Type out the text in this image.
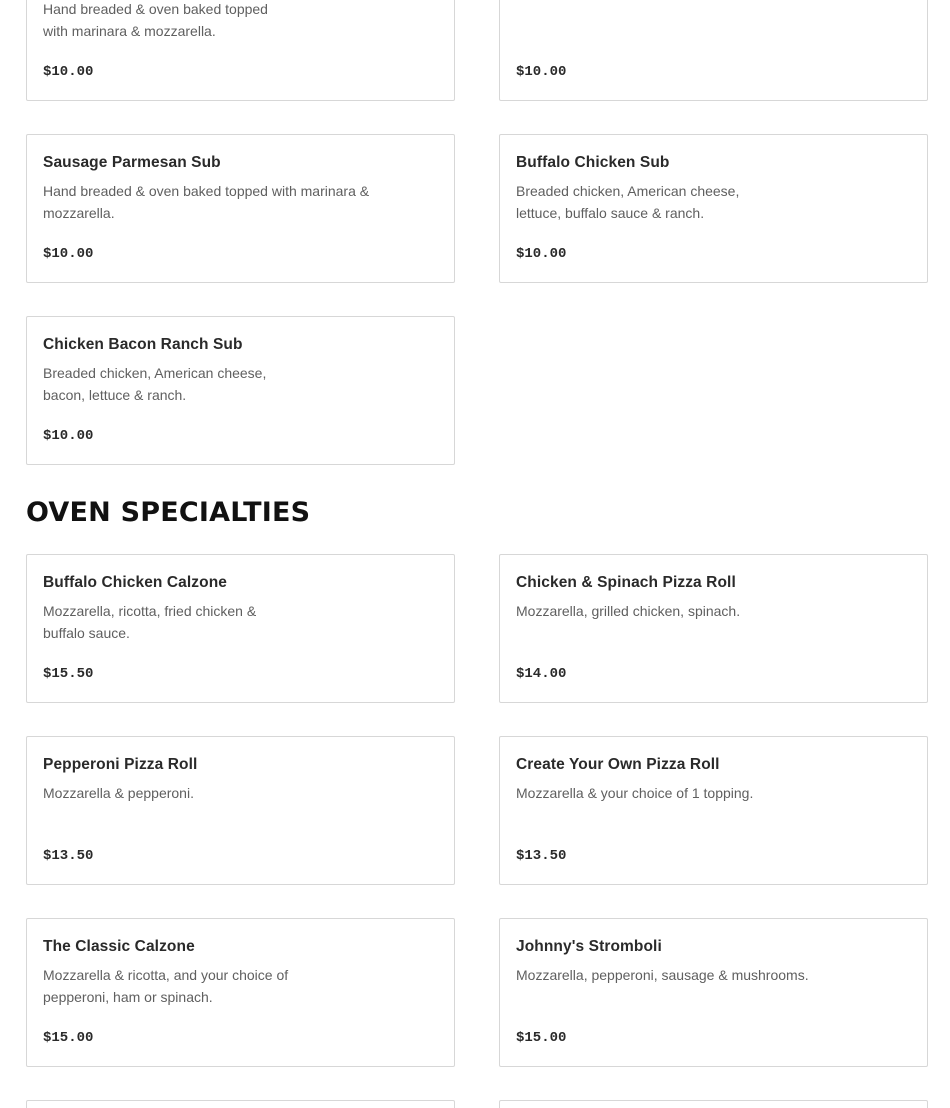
Hand breaded & oven baked topped
with marinara & mozzarella.
$10.00	$10.00
Sausage Parmesan Sub
Hand breaded & oven baked topped with marinara &
mozzarella.
$10.00
Buffalo Chicken Sub
Breaded chicken, American cheese,
lettuce, buffalo sauce & ranch.
$10.00
Chicken Bacon Ranch Sub
Breaded chicken, American cheese,
bacon, lettuce & ranch.
$10.00
OVEN SPECIALTIES
Buffalo Chicken Calzone
Mozzarella, ricotta, fried chicken &
buffalo sauce.
$15.50
Chicken & Spinach Pizza Roll
Mozzarella, grilled chicken, spinach.
$14.00
Pepperoni Pizza Roll
Mozzarella & pepperoni.
$13.50
Create Your Own Pizza Roll
Mozzarella & your choice of 1 topping.
$13.50
The Classic Calzone
Mozzarella & ricotta, and your choice of
pepperoni, ham or spinach.
$15.00
Johnny's Stromboli
Mozzarella, pepperoni, sausage & mushrooms.
$15.00
